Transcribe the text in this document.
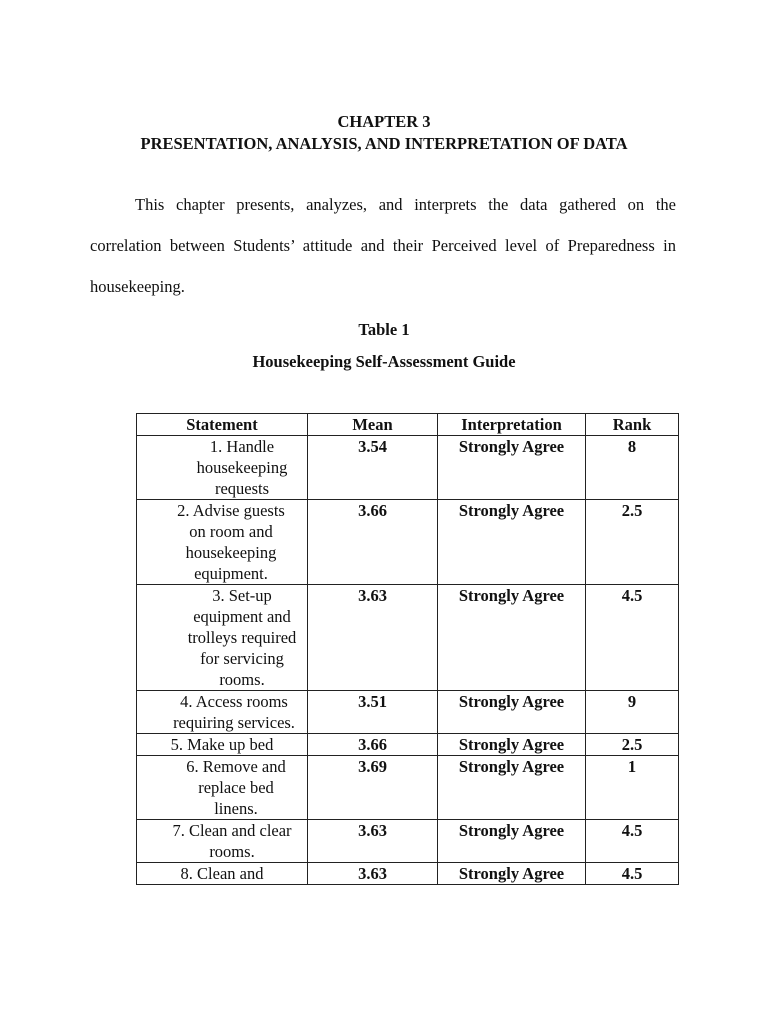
CHAPTER 3
PRESENTATION, ANALYSIS, AND INTERPRETATION OF DATA
This chapter presents, analyzes, and interprets the data gathered on the correlation between Students’ attitude and their Perceived level of Preparedness in housekeeping.
Table 1
Housekeeping Self-Assessment Guide
Statement	Mean	Interpretation	Rank
1. Handle housekeeping requests	3.54	Strongly Agree	8
2. Advise guests on room and housekeeping equipment.	3.66	Strongly Agree	2.5
3. Set-up equipment and trolleys required for servicing rooms.	3.63	Strongly Agree	4.5
4. Access rooms requiring services.	3.51	Strongly Agree	9
5. Make up bed	3.66	Strongly Agree	2.5
6. Remove and replace bed linens.	3.69	Strongly Agree	1
7. Clean and clear rooms.	3.63	Strongly Agree	4.5
8. Clean and	3.63	Strongly Agree	4.5
